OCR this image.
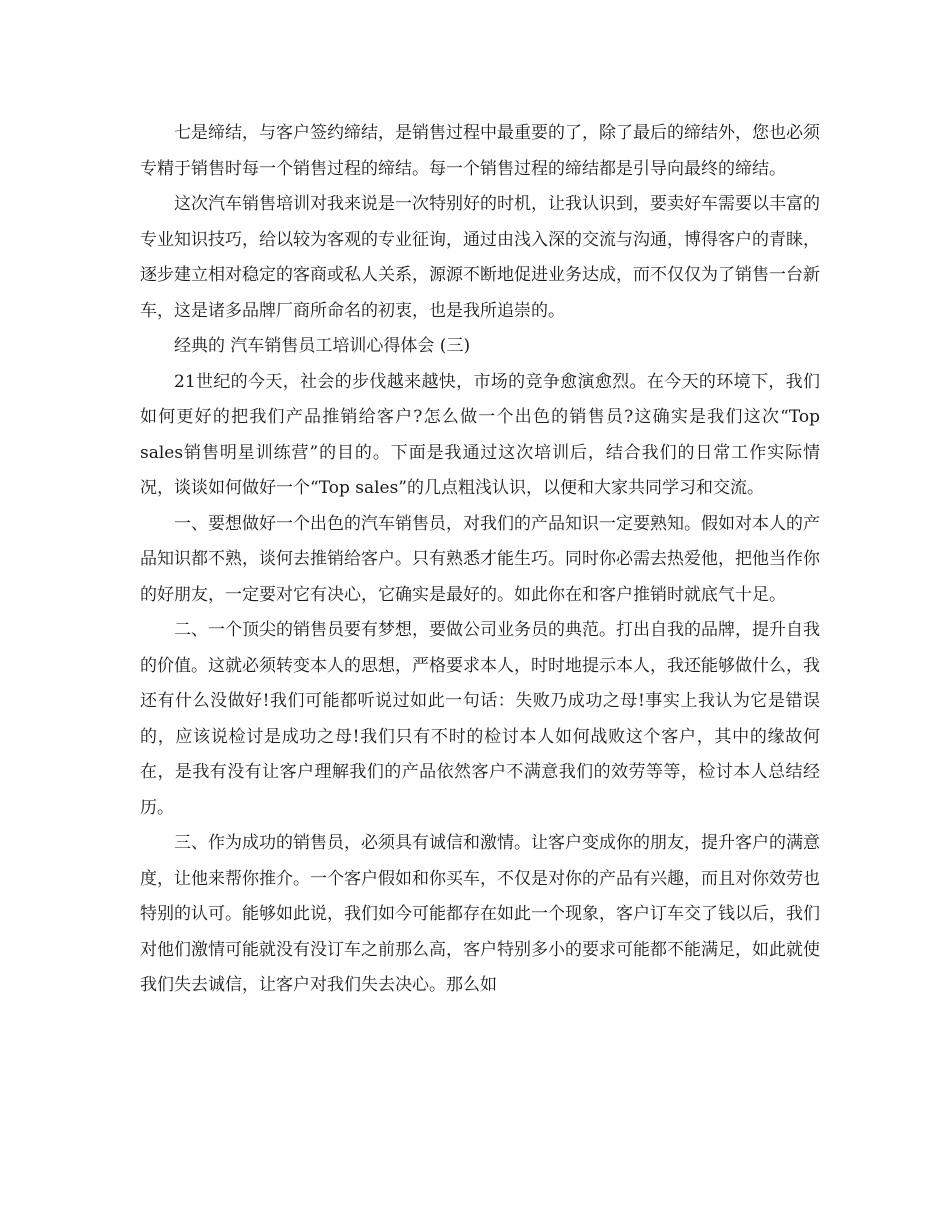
七是缔结，与客户签约缔结，是销售过程中最重要的了，除了最后的缔结外，您也必须专精于销售时每一个销售过程的缔结。每一个销售过程的缔结都是引导向最终的缔结。

这次汽车销售培训对我来说是一次特别好的时机，让我认识到，要卖好车需要以丰富的专业知识技巧，给以较为客观的专业征询，通过由浅入深的交流与沟通，博得客户的青睐，逐步建立相对稳定的客商或私人关系，源源不断地促进业务达成，而不仅仅为了销售一台新车，这是诸多品牌厂商所命名的初衷，也是我所追崇的。

经典的 汽车销售员工培训心得体会 (三)

21世纪的今天，社会的步伐越来越快，市场的竞争愈演愈烈。在今天的环境下，我们如何更好的把我们产品推销给客户?怎么做一个出色的销售员?这确实是我们这次“Top sales销售明星训练营”的目的。下面是我通过这次培训后，结合我们的日常工作实际情况，谈谈如何做好一个“Top sales”的几点粗浅认识，以便和大家共同学习和交流。

一、要想做好一个出色的汽车销售员，对我们的产品知识一定要熟知。假如对本人的产品知识都不熟，谈何去推销给客户。只有熟悉才能生巧。同时你必需去热爱他，把他当作你的好朋友，一定要对它有决心，它确实是最好的。如此你在和客户推销时就底气十足。

二、一个顶尖的销售员要有梦想，要做公司业务员的典范。打出自我的品牌，提升自我的价值。这就必须转变本人的思想，严格要求本人，时时地提示本人，我还能够做什么，我还有什么没做好!我们可能都听说过如此一句话：失败乃成功之母!事实上我认为它是错误的，应该说检讨是成功之母!我们只有不时的检讨本人如何战败这个客户，其中的缘故何在，是我有没有让客户理解我们的产品依然客户不满意我们的效劳等等，检讨本人总结经历。

三、作为成功的销售员，必须具有诚信和激情。让客户变成你的朋友，提升客户的满意度，让他来帮你推介。一个客户假如和你买车，不仅是对你的产品有兴趣，而且对你效劳也特别的认可。能够如此说，我们如今可能都存在如此一个现象，客户订车交了钱以后，我们对他们激情可能就没有没订车之前那么高，客户特别多小的要求可能都不能满足，如此就使我们失去诚信，让客户对我们失去决心。那么如
